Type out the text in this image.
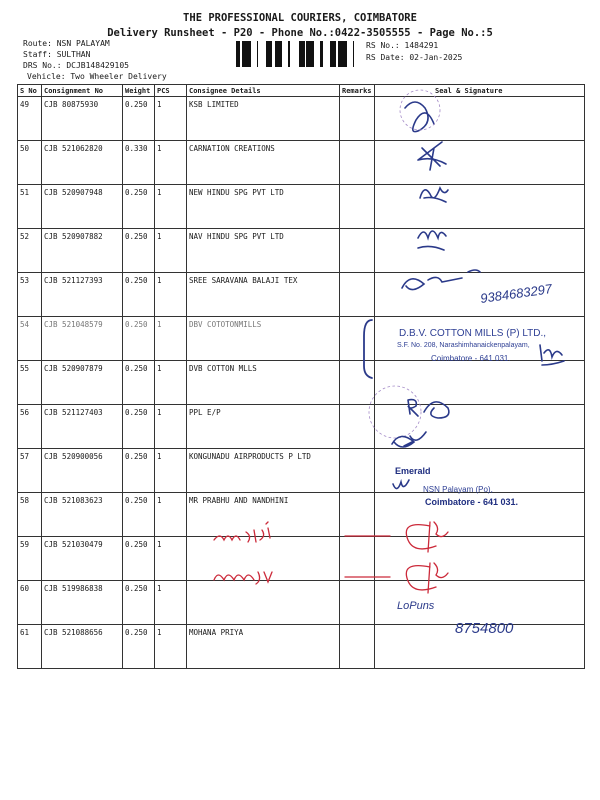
THE PROFESSIONAL COURIERS, COIMBATORE
Delivery Runsheet - P20 - Phone No.:0422-3505555 - Page No.:5
Route: NSN PALAYAM
Staff: SULTHAN
DRS No.: DCJB148429105
Vehicle: Two Wheeler Delivery
RS No.: 1484291
RS Date: 02-Jan-2025
S No	Consignment No	Weight	PCS	Consignee Details	Remarks	Seal & Signature
49	CJB 80875930	0.250	1	KSB LIMITED		
50	CJB 521062820	0.330	1	CARNATION CREATIONS		
51	CJB 520907948	0.250	1	NEW HINDU SPG PVT LTD		
52	CJB 520907882	0.250	1	NAV HINDU SPG PVT LTD		
53	CJB 521127393	0.250	1	SREE SARAVANA BALAJI TEX		
54	CJB 521048579	0.250	1	DBV COTOTONMILLS		
55	CJB 520907879	0.250	1	DVB COTTON MLLS		
56	CJB 521127403	0.250	1	PPL E/P		
57	CJB 520900056	0.250	1	KONGUNADU AIRPRODUCTS P LTD		
58	CJB 521083623	0.250	1	MR PRABHU AND NANDHINI		
59	CJB 521030479	0.250	1			
60	CJB 519986838	0.250	1			
61	CJB 521088656	0.250	1	MOHANA PRIYA		
D.B.V. COTTON MILLS (P) LTD.,
S.F. No. 208, Narashimhanaickenpalayam,
Coimbatore - 641 031.
Emerald
NSN Palayam (Po),
Coimbatore - 641 031.
9384683297
LoPuns
8754800
